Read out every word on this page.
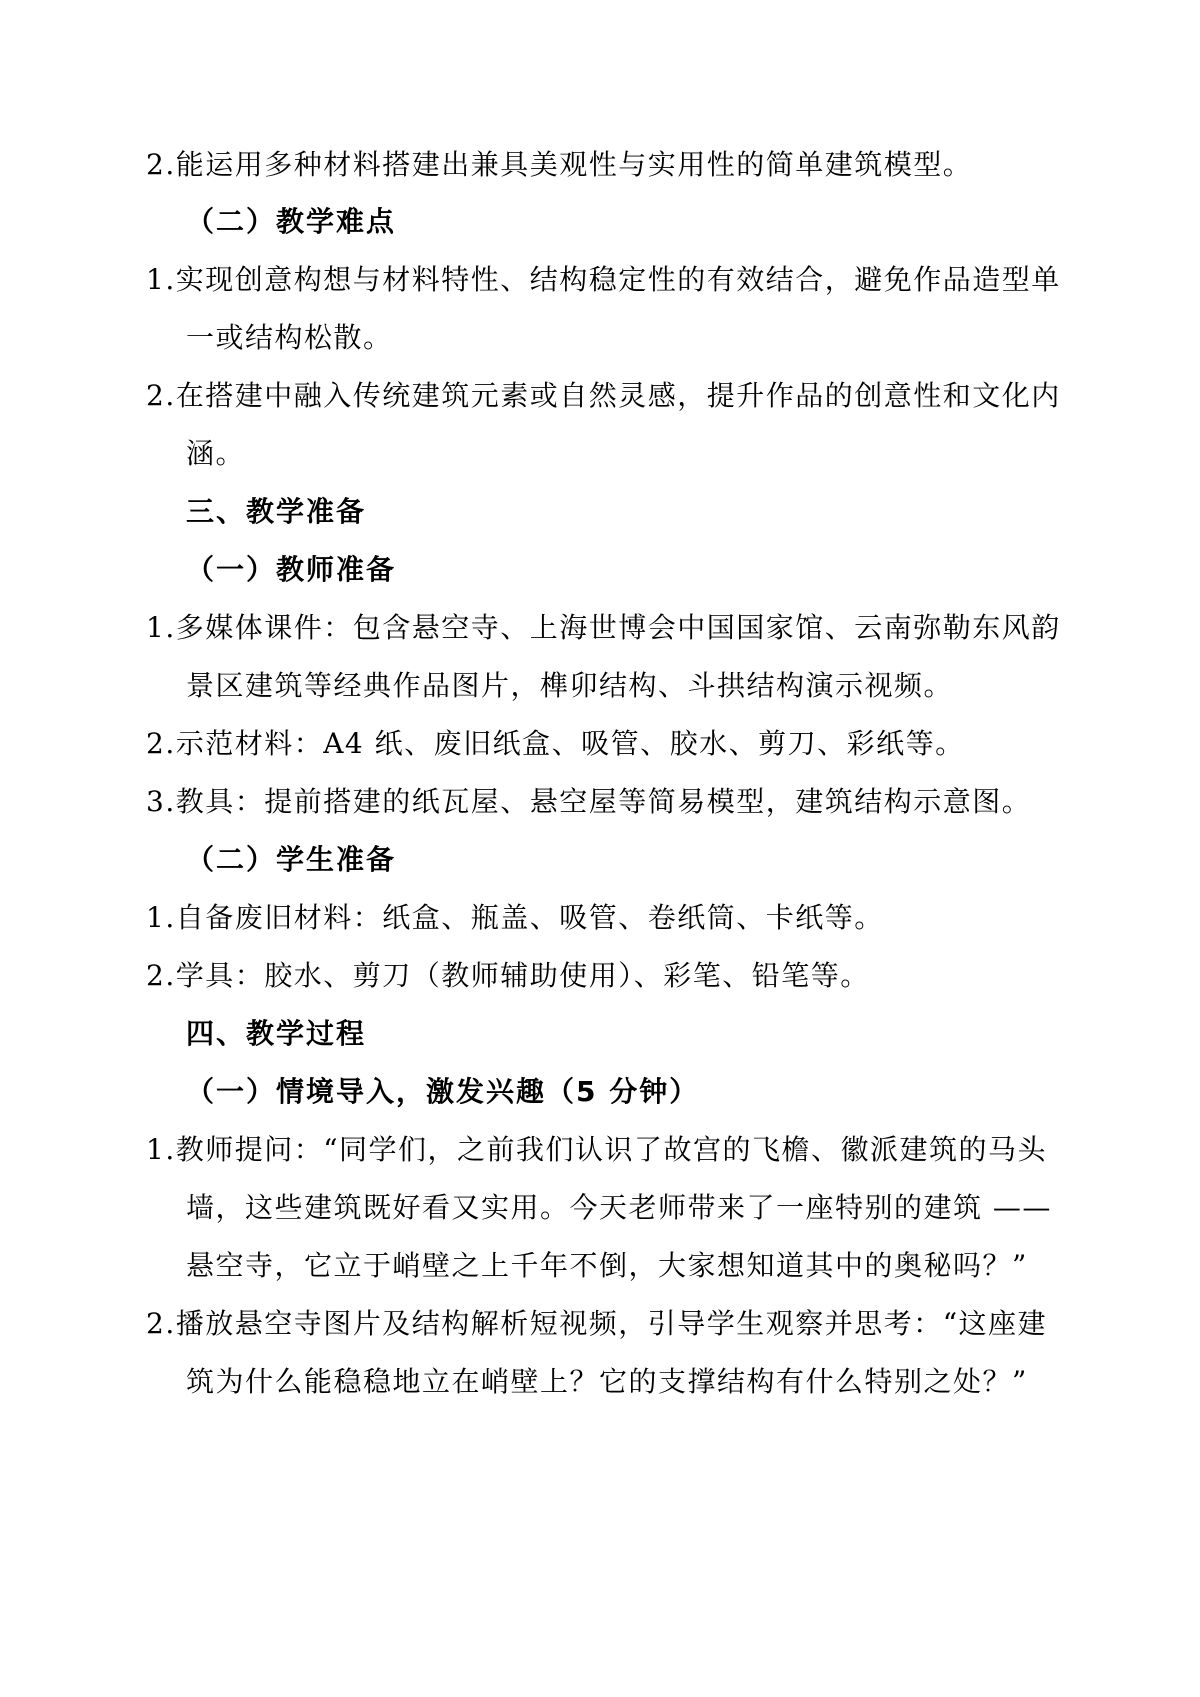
2.能运用多种材料搭建出兼具美观性与实用性的简单建筑模型。
（二）教学难点
1.实现创意构想与材料特性、结构稳定性的有效结合，避免作品造型单
一或结构松散。
2.在搭建中融入传统建筑元素或自然灵感，提升作品的创意性和文化内
涵。
三、教学准备
（一）教师准备
1.多媒体课件：包含悬空寺、上海世博会中国国家馆、云南弥勒东风韵
景区建筑等经典作品图片，榫卯结构、斗拱结构演示视频。
2.示范材料：A4 纸、废旧纸盒、吸管、胶水、剪刀、彩纸等。
3.教具：提前搭建的纸瓦屋、悬空屋等简易模型，建筑结构示意图。
（二）学生准备
1.自备废旧材料：纸盒、瓶盖、吸管、卷纸筒、卡纸等。
2.学具：胶水、剪刀（教师辅助使用）、彩笔、铅笔等。
四、教学过程
（一）情境导入，激发兴趣（5 分钟）
1.教师提问：“同学们，之前我们认识了故宫的飞檐、徽派建筑的马头
墙，这些建筑既好看又实用。今天老师带来了一座特别的建筑 ——
悬空寺，它立于峭壁之上千年不倒，大家想知道其中的奥秘吗？”
2.播放悬空寺图片及结构解析短视频，引导学生观察并思考：“这座建
筑为什么能稳稳地立在峭壁上？它的支撑结构有什么特别之处？”
